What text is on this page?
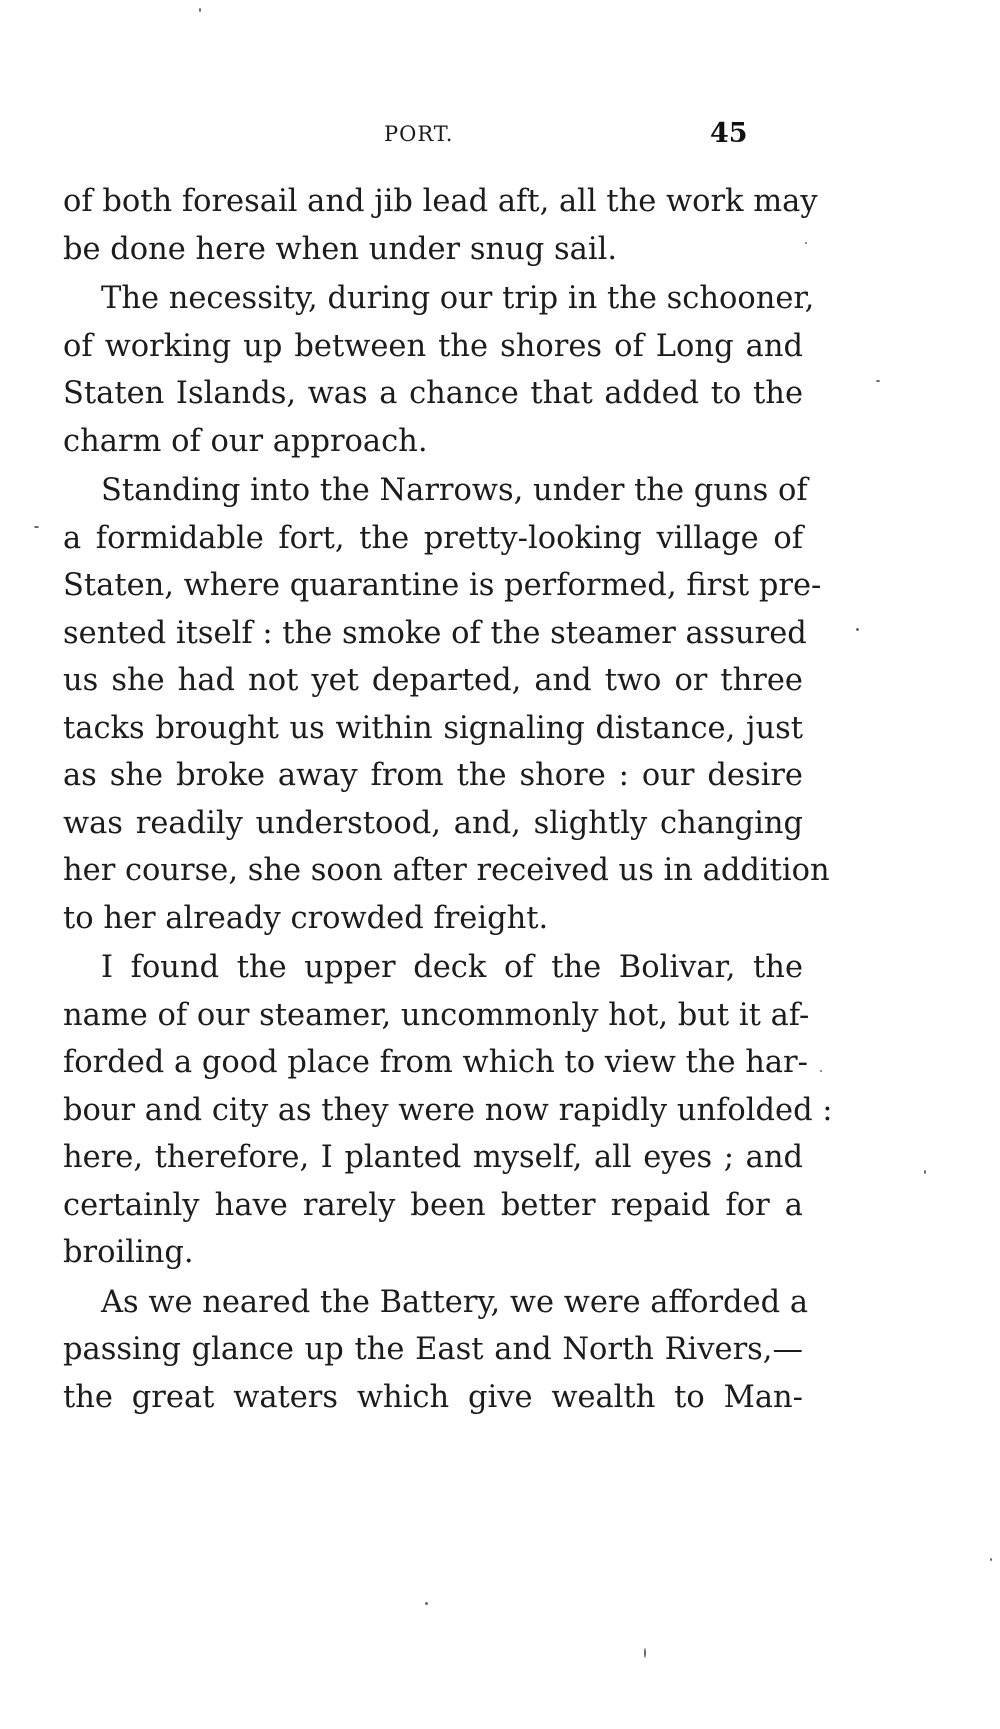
PORT.	45
of both foresail and jib lead aft, all the work may
be done here when under snug sail.
The necessity, during our trip in the schooner,
of working up between the shores of Long and
Staten Islands, was a chance that added to the
charm of our approach.
Standing into the Narrows, under the guns of
a formidable fort, the pretty-looking village of
Staten, where quarantine is performed, first pre-
sented itself : the smoke of the steamer assured
us she had not yet departed, and two or three
tacks brought us within signaling distance, just
as she broke away from the shore : our desire
was readily understood, and, slightly changing
her course, she soon after received us in addition
to her already crowded freight.
I found the upper deck of the Bolivar, the
name of our steamer, uncommonly hot, but it af-
forded a good place from which to view the har-
bour and city as they were now rapidly unfolded :
here, therefore, I planted myself, all eyes ; and
certainly have rarely been better repaid for a
broiling.
As we neared the Battery, we were afforded a
passing glance up the East and North Rivers,—
the great waters which give wealth to Man-
